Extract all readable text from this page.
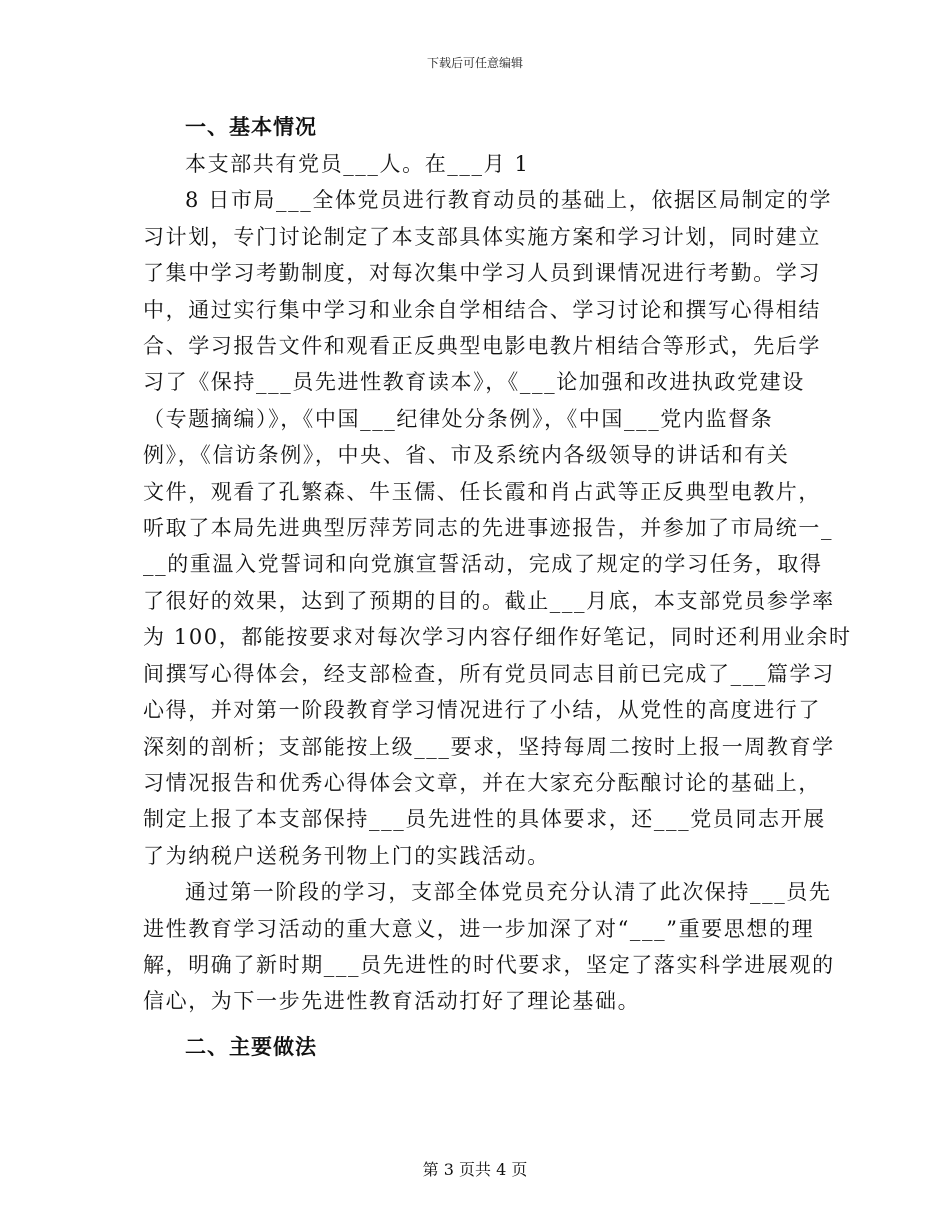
下载后可任意编辑

一、基本情况

本支部共有党员___人。在___月 1

8 日市局___全体党员进行教育动员的基础上，依据区局制定的学

习计划，专门讨论制定了本支部具体实施方案和学习计划，同时建立

了集中学习考勤制度，对每次集中学习人员到课情况进行考勤。学习

中，通过实行集中学习和业余自学相结合、学习讨论和撰写心得相结

合、学习报告文件和观看正反典型电影电教片相结合等形式，先后学

习了《保持___员先进性教育读本》，《___论加强和改进执政党建设

（专题摘编）》，《中国___纪律处分条例》，《中国___党内监督条

例》，《信访条例》，中央、省、市及系统内各级领导的讲话和有关

文件，观看了孔繁森、牛玉儒、任长霞和肖占武等正反典型电教片，

听取了本局先进典型厉萍芳同志的先进事迹报告，并参加了市局统一_

__的重温入党誓词和向党旗宣誓活动，完成了规定的学习任务，取得

了很好的效果，达到了预期的目的。截止___月底，本支部党员参学率

为 100，都能按要求对每次学习内容仔细作好笔记，同时还利用业余时

间撰写心得体会，经支部检查，所有党员同志目前已完成了___篇学习

心得，并对第一阶段教育学习情况进行了小结，从党性的高度进行了

深刻的剖析；支部能按上级___要求，坚持每周二按时上报一周教育学

习情况报告和优秀心得体会文章，并在大家充分酝酿讨论的基础上，

制定上报了本支部保持___员先进性的具体要求，还___党员同志开展

了为纳税户送税务刊物上门的实践活动。

通过第一阶段的学习，支部全体党员充分认清了此次保持___员先

进性教育学习活动的重大意义，进一步加深了对“___”重要思想的理

解，明确了新时期___员先进性的时代要求，坚定了落实科学进展观的

信心，为下一步先进性教育活动打好了理论基础。

二、主要做法

第 3 页共 4 页
